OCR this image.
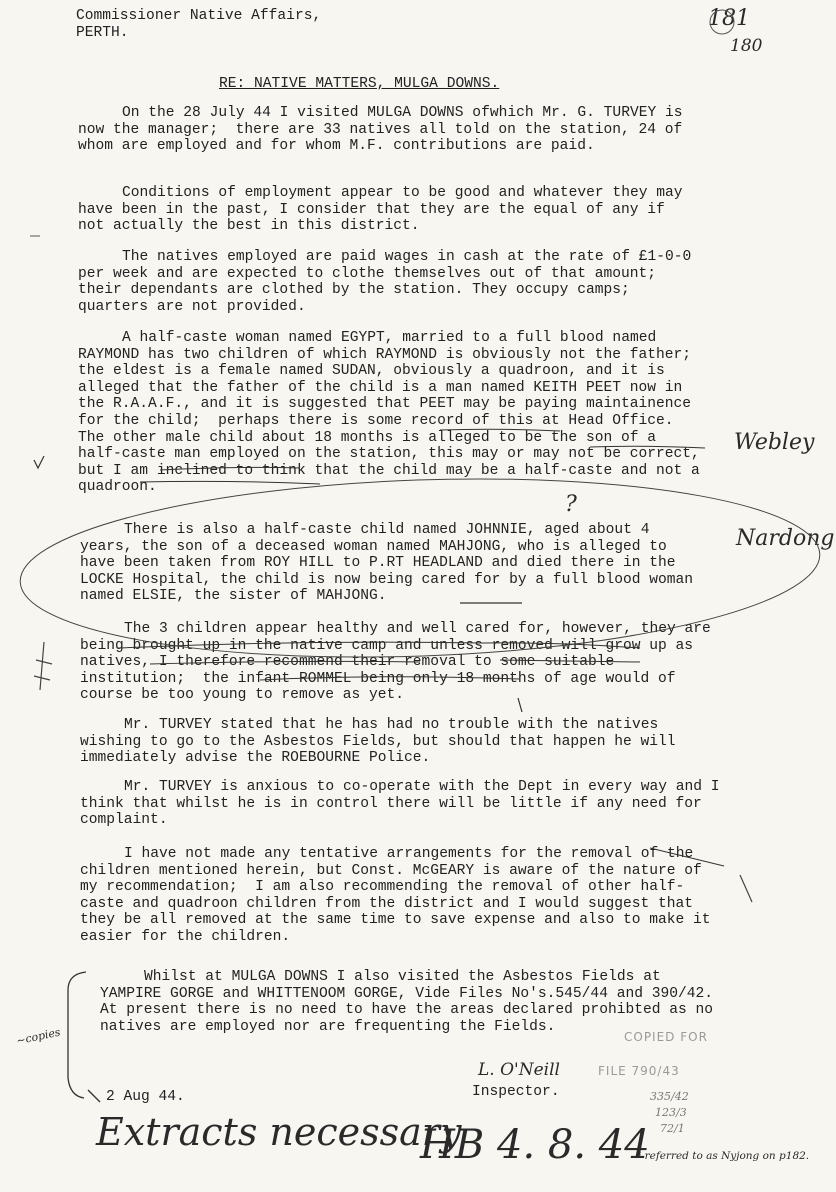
Commissioner Native Affairs,

PERTH.

181

180

RE: NATIVE MATTERS, MULGA DOWNS.

On the 28 July 44 I visited MULGA DOWNS ofwhich Mr. G. TURVEY is now the manager;  there are 33 natives all told on the station, 24 of whom are employed and for whom M.F. contributions are paid.

Conditions of employment appear to be good and whatever they may have been in the past, I consider that they are the equal of any if not actually the best in this district.

The natives employed are paid wages in cash at the rate of £1-0-0 per week and are expected to clothe themselves out of that amount;  their dependants are clothed by the station. They occupy camps;  quarters are not provided.

A half-caste woman named EGYPT, married to a full blood named RAYMOND has two children of which RAYMOND is obviously not the father;  the eldest is a female named SUDAN, obviously a quadroon, and it is alleged that the father of the child is a man named KEITH PEET now in the R.A.A.F., and it is suggested that PEET may be paying maintainence for the child;  perhaps there is some record of this at Head Office.  The other male child about 18 months is alleged to be the son of a half-caste man employed on the station, this may or may not be correct, but I am inclined to think that the child may be a half-caste and not a quadroon.

There is also a half-caste child named JOHNNIE, aged about 4 years, the son of a deceased woman named MAHJONG, who is alleged to have been taken from ROY HILL to P.RT HEADLAND and died there in the LOCKE Hospital, the child is now being cared for by a full blood woman named ELSIE, the sister of MAHJONG.

The 3 children appear healthy and well cared for, however, they are being brought up in the native camp and unless removed will grow up as natives, I therefore recommend their removal to some suitable institution;  the infant ROMMEL being only 18 months of age would of course be too young to remove as yet.

Mr. TURVEY stated that he has had no trouble with the natives wishing to go to the Asbestos Fields, but should that happen he will immediately advise the ROEBOURNE Police.

Mr. TURVEY is anxious to co-operate with the Dept in every way and I think that whilst he is in control there will be little if any need for complaint.

I have not made any tentative arrangements for the removal of the children mentioned herein, but Const. McGEARY is aware of the nature of my recommendation;  I am also recommending the removal of other half-caste and quadroon children from the district and I would suggest that they be all removed at the same time to save expense and also to make it easier for the children.

Whilst at MULGA DOWNS I also visited the Asbestos Fields at YAMPIRE GORGE and WHITTENOOM GORGE, Vide Files No's.545/44 and 390/42.  At present there is no need to have the areas declared prohibted as no natives are employed nor are frequenting the Fields.

Webley

Nardong

?

~copies	COPIED FOR

FILE 790/43

335/42

123/3

72/1

L. O'Neill

Inspector.

2 Aug 44.

Extracts necessary

HB 4. 8. 44

* referred to as Nyjong on p182.
